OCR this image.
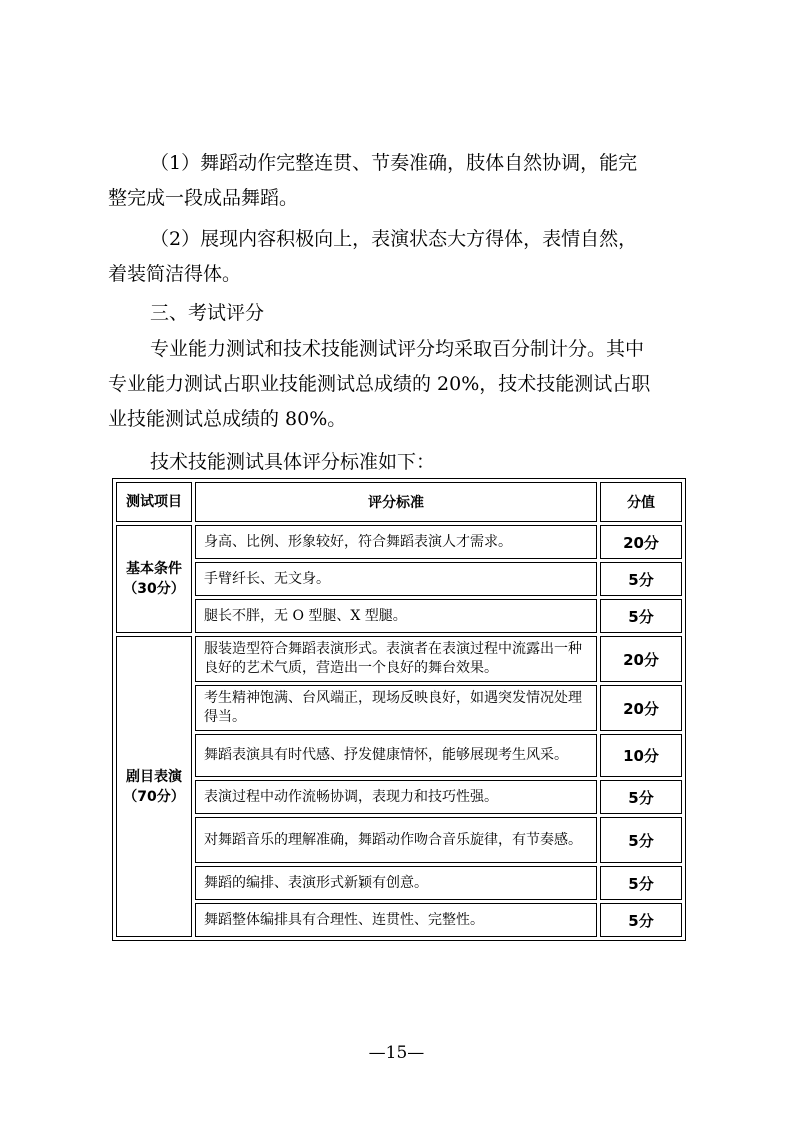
（1）舞蹈动作完整连贯、节奏准确，肢体自然协调，能完
整完成一段成品舞蹈。
（2）展现内容积极向上，表演状态大方得体，表情自然，
着装简洁得体。
三、考试评分
专业能力测试和技术技能测试评分均采取百分制计分。其中
专业能力测试占职业技能测试总成绩的 20%，技术技能测试占职
业技能测试总成绩的 80%。
技术技能测试具体评分标准如下：
测试项目	评分标准	分值

基本条件
（30分）	身高、比例、形象较好，符合舞蹈表演人才需求。	20分
	手臂纤长、无文身。	5分
	腿长不胖，无 O 型腿、X 型腿。	5分

剧目表演
（70分）	服装造型符合舞蹈表演形式。表演者在表演过程中流露出一种良好的艺术气质，营造出一个良好的舞台效果。	20分
	考生精神饱满、台风端正，现场反映良好，如遇突发情况处理得当。	20分
	舞蹈表演具有时代感、抒发健康情怀，能够展现考生风采。	10分
	表演过程中动作流畅协调，表现力和技巧性强。	5分
	对舞蹈音乐的理解准确，舞蹈动作吻合音乐旋律，有节奏感。	5分
	舞蹈的编排、表演形式新颖有创意。	5分
	舞蹈整体编排具有合理性、连贯性、完整性。	5分
—15—
